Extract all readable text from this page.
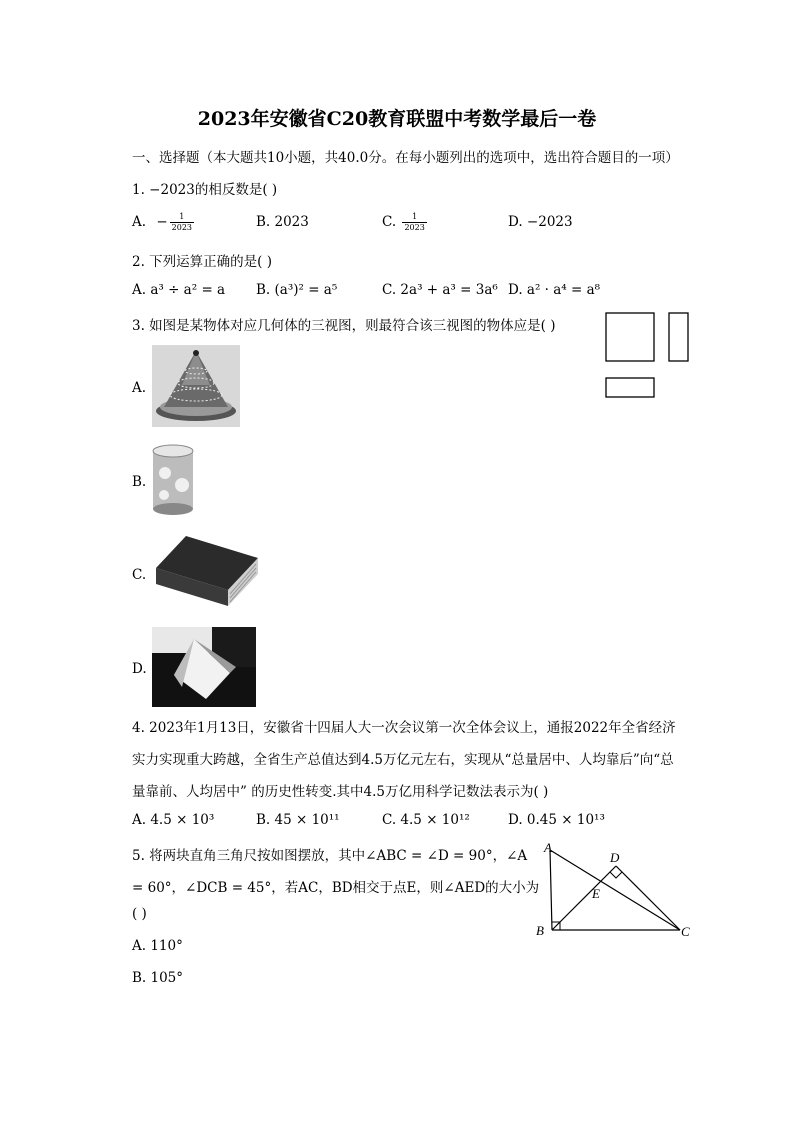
2023年安徽省C20教育联盟中考数学最后一卷
一、选择题（本大题共10小题，共40.0分。在每小题列出的选项中，选出符合题目的一项）
1. −2023的相反数是( )
A. − $\frac{1}{2023}$	B. 2023	C. $\frac{1}{2023}$	D. −2023
2. 下列运算正确的是( )
A. a³ ÷ a² = a B. (a³)² = a⁵	C. 2a³ + a³ = 3a⁶ D. a² · a⁴ = a⁸
3. 如图是某物体对应几何体的三视图，则最符合该三视图的物体应是( )
A.
B.
C.
D.
4. 2023年1月13日，安徽省十四届人大一次会议第一次全体会议上，通报2022年全省经济
实力实现重大跨越，全省生产总值达到4.5万亿元左右，实现从“总量居中、人均靠后”向“总
量靠前、人均居中” 的历史性转变.其中4.5万亿用科学记数法表示为( )
A. 4.5 × 10³	B. 45 × 10¹¹	C. 4.5 × 10¹²	D. 0.45 × 10¹³
5. 将两块直角三角尺按如图摆放，其中∠ABC = ∠D = 90°，∠A
= 60°，∠DCB = 45°，若AC，BD相交于点E，则∠AED的大小为
( )
A. 110°
B. 105°
A
B	C
D
E
